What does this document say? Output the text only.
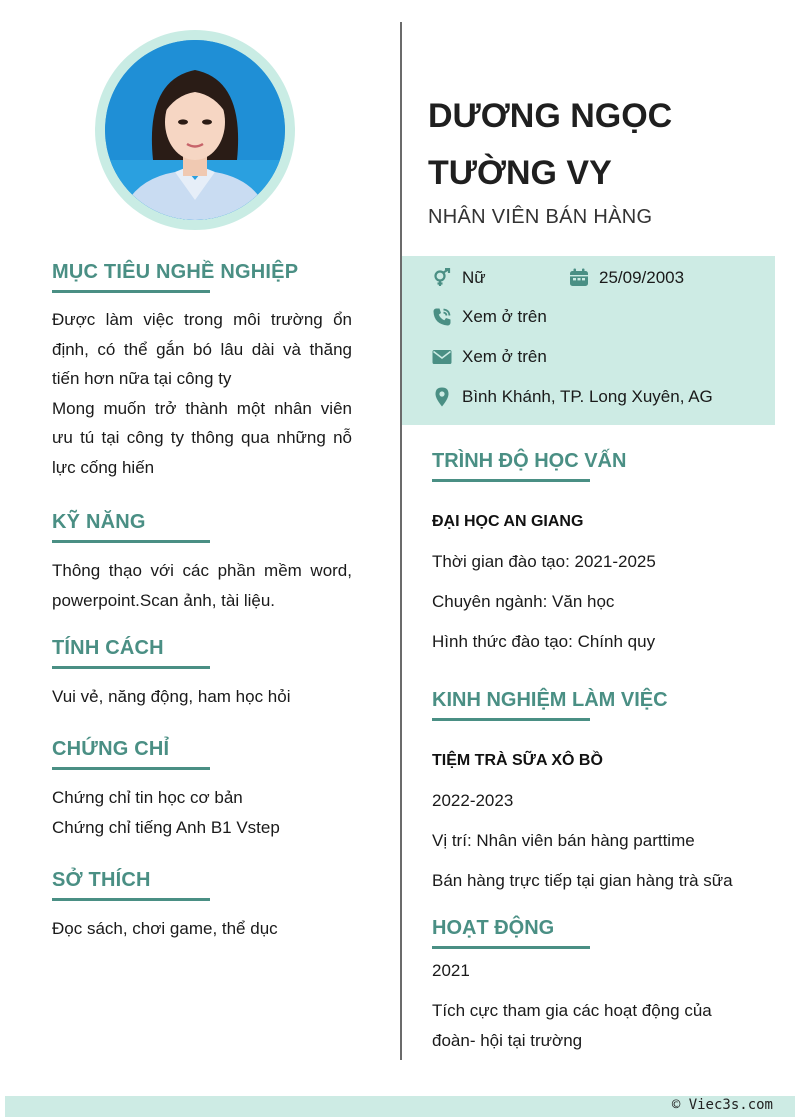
MỤC TIÊU NGHỀ NGHIỆP

Được làm việc trong môi trường ổn định, có thể gắn bó lâu dài và thăng tiến hơn nữa tại công ty

Mong muốn trở thành một nhân viên ưu tú tại công ty thông qua những nỗ lực cống hiến

KỸ NĂNG

Thông thạo với các phần mềm word, powerpoint.Scan ảnh, tài liệu.

TÍNH CÁCH

Vui vẻ, năng động, ham học hỏi

CHỨNG CHỈ

Chứng chỉ tin học cơ bản

Chứng chỉ tiếng Anh B1 Vstep

SỞ THÍCH

Đọc sách, chơi game, thể dục

DƯƠNG NGỌC TƯỜNG VY
NHÂN VIÊN BÁN HÀNG
Nữ	25/09/2003
Xem ở trên
Xem ở trên
Bình Khánh, TP. Long Xuyên, AG
TRÌNH ĐỘ HỌC VẤN
ĐẠI HỌC AN GIANG
Thời gian đào tạo: 2021-2025
Chuyên ngành: Văn học
Hình thức đào tạo: Chính quy
KINH NGHIỆM LÀM VIỆC
TIỆM TRÀ SỮA XÔ BỒ
2022-2023
Vị trí: Nhân viên bán hàng parttime
Bán hàng trực tiếp tại gian hàng trà sữa
HOẠT ĐỘNG
2021
Tích cực tham gia các hoạt động của đoàn- hội tại trường
© Viec3s.com
